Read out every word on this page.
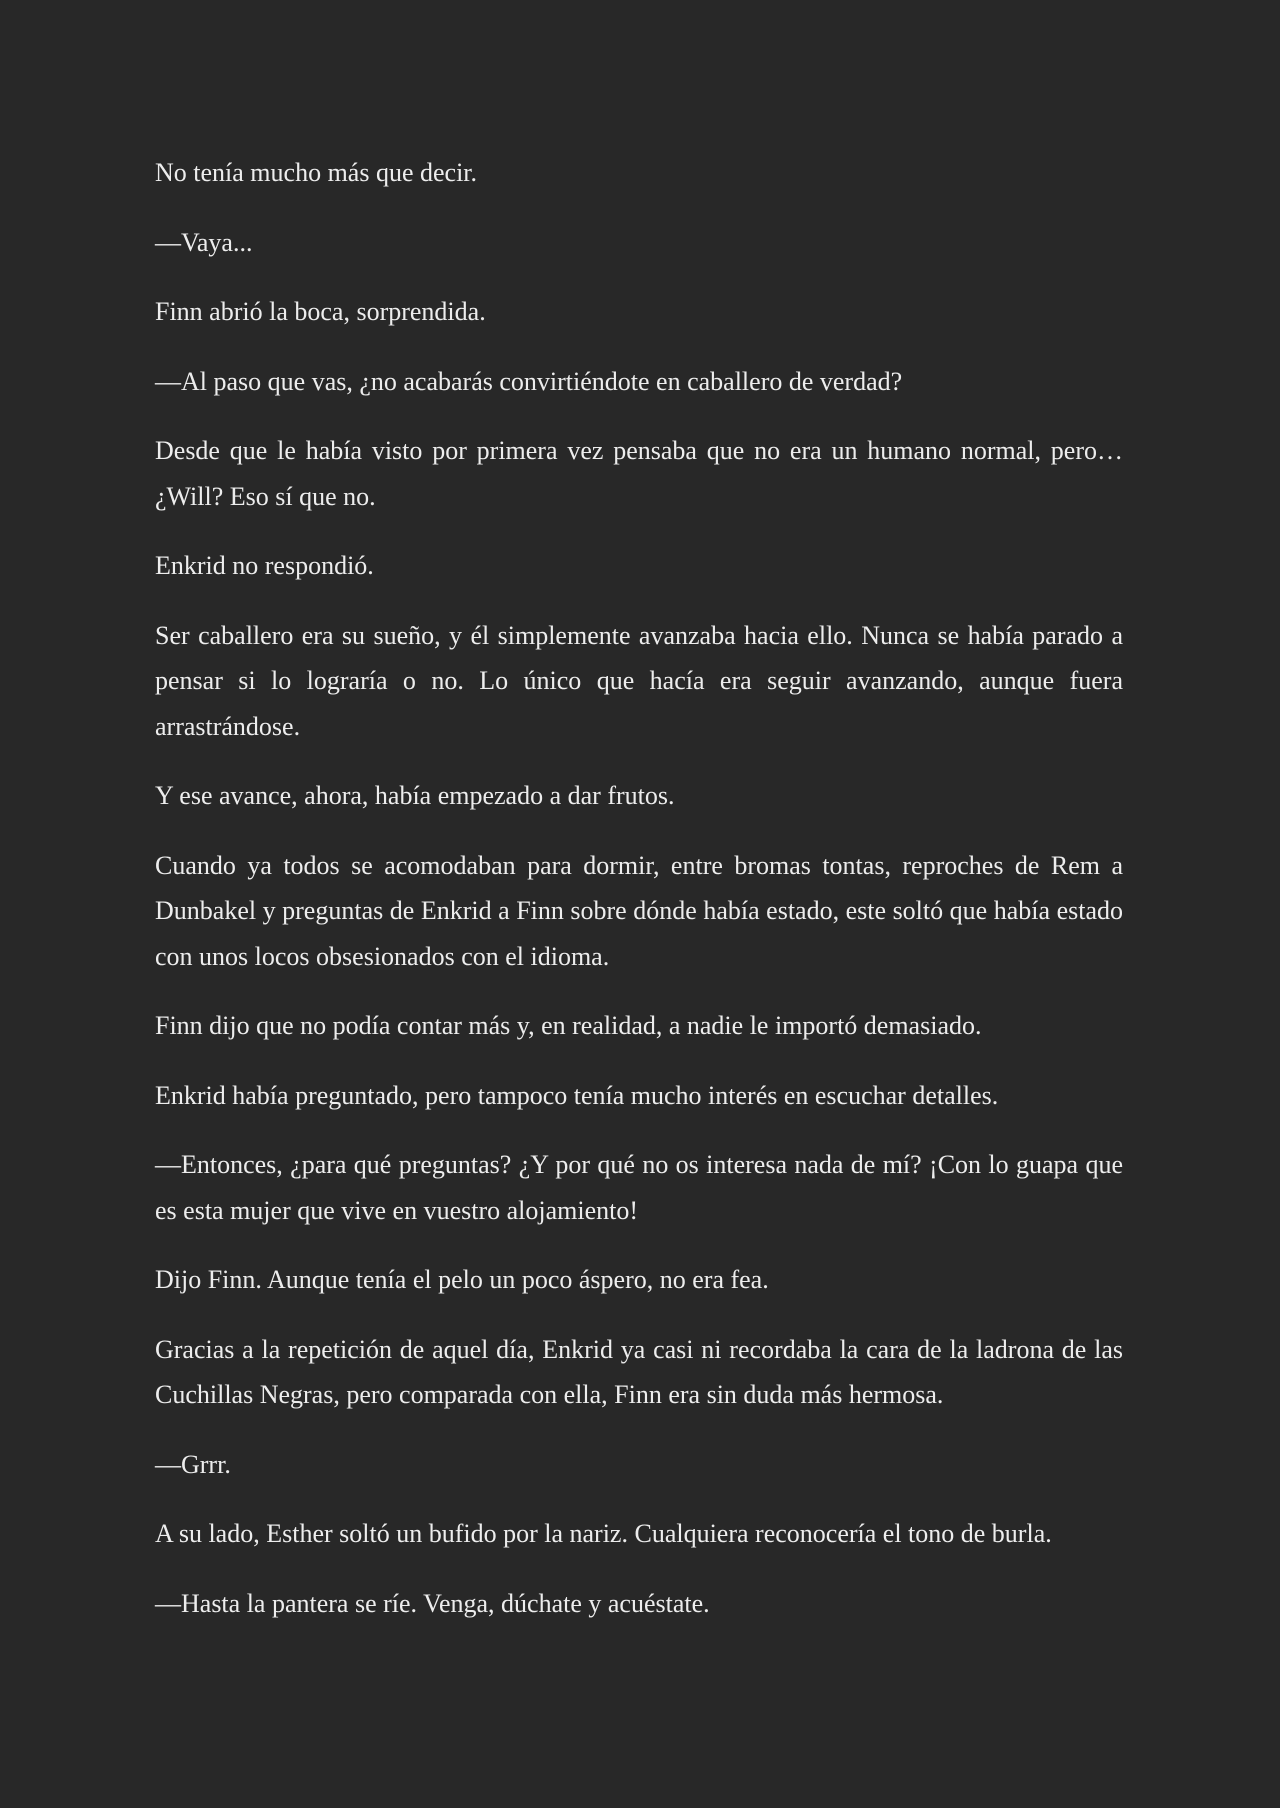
No tenía mucho más que decir.

—Vaya...

Finn abrió la boca, sorprendida.

—Al paso que vas, ¿no acabarás convirtiéndote en caballero de verdad?

Desde que le había visto por primera vez pensaba que no era un humano normal, pero… ¿Will? Eso sí que no.

Enkrid no respondió.

Ser caballero era su sueño, y él simplemente avanzaba hacia ello. Nunca se había parado a pensar si lo lograría o no. Lo único que hacía era seguir avanzando, aunque fuera arrastrándose.

Y ese avance, ahora, había empezado a dar frutos.

Cuando ya todos se acomodaban para dormir, entre bromas tontas, reproches de Rem a Dunbakel y preguntas de Enkrid a Finn sobre dónde había estado, este soltó que había estado con unos locos obsesionados con el idioma.

Finn dijo que no podía contar más y, en realidad, a nadie le importó demasiado.

Enkrid había preguntado, pero tampoco tenía mucho interés en escuchar detalles.

—Entonces, ¿para qué preguntas? ¿Y por qué no os interesa nada de mí? ¡Con lo guapa que es esta mujer que vive en vuestro alojamiento!

Dijo Finn. Aunque tenía el pelo un poco áspero, no era fea.

Gracias a la repetición de aquel día, Enkrid ya casi ni recordaba la cara de la ladrona de las Cuchillas Negras, pero comparada con ella, Finn era sin duda más hermosa.

—Grrr.

A su lado, Esther soltó un bufido por la nariz. Cualquiera reconocería el tono de burla.

—Hasta la pantera se ríe. Venga, dúchate y acuéstate.
